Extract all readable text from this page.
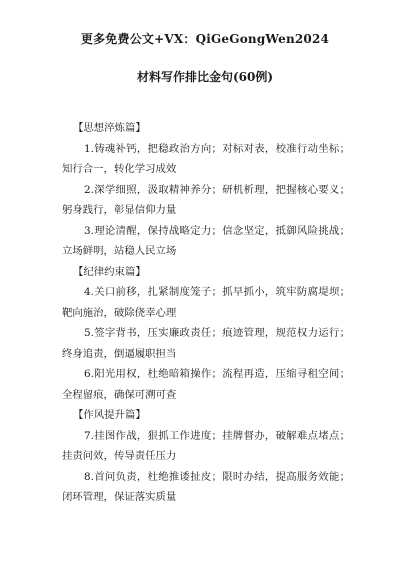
更多免费公文+VX：QiGeGongWen2024
材料写作排比金句(60例)

【思想淬炼篇】

1.铸魂补钙，把稳政治方向；对标对表，校准行动坐标；知行合一，转化学习成效

2.深学细照，汲取精神养分；研机析理，把握核心要义；躬身践行，彰显信仰力量

3.理论清醒，保持战略定力；信念坚定，抵御风险挑战；立场鲜明，站稳人民立场

【纪律约束篇】

4.关口前移，扎紧制度笼子；抓早抓小，筑牢防腐堤坝；靶向施治，破除侥幸心理

5.签字背书，压实廉政责任；痕迹管理，规范权力运行；终身追责，倒逼履职担当

6.阳光用权，杜绝暗箱操作；流程再造，压缩寻租空间；全程留痕，确保可溯可查

【作风提升篇】

7.挂图作战，狠抓工作进度；挂牌督办，破解难点堵点；挂责问效，传导责任压力

8.首问负责，杜绝推诿扯皮；限时办结，提高服务效能；闭环管理，保证落实质量
